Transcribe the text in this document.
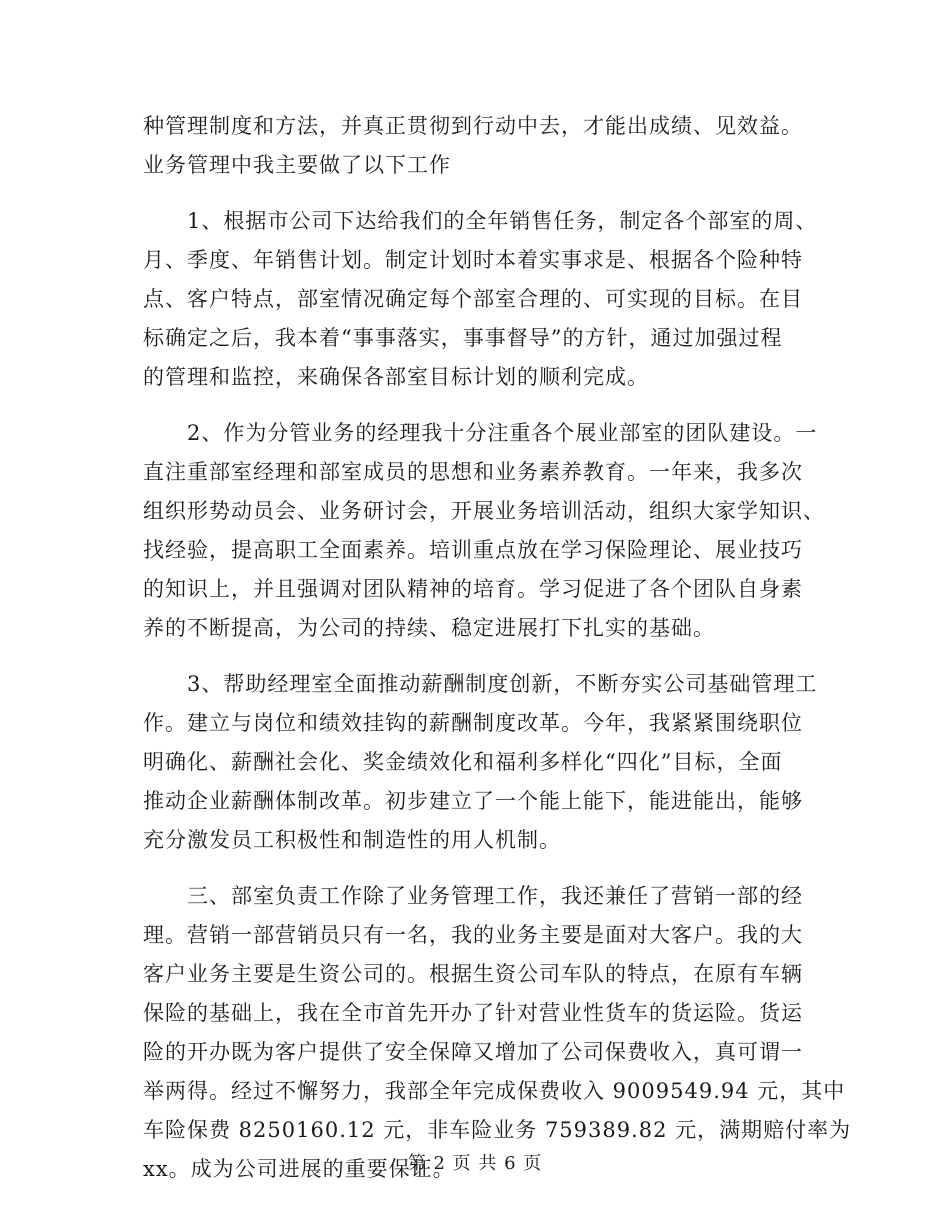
种管理制度和方法，并真正贯彻到行动中去，才能出成绩、见效益。
业务管理中我主要做了以下工作
　　1、根据市公司下达给我们的全年销售任务，制定各个部室的周、
月、季度、年销售计划。制定计划时本着实事求是、根据各个险种特
点、客户特点，部室情况确定每个部室合理的、可实现的目标。在目
标确定之后，我本着“事事落实，事事督导”的方针，通过加强过程
的管理和监控，来确保各部室目标计划的顺利完成。
　　2、作为分管业务的经理我十分注重各个展业部室的团队建设。一
直注重部室经理和部室成员的思想和业务素养教育。一年来，我多次
组织形势动员会、业务研讨会，开展业务培训活动，组织大家学知识、
找经验，提高职工全面素养。培训重点放在学习保险理论、展业技巧
的知识上，并且强调对团队精神的培育。学习促进了各个团队自身素
养的不断提高，为公司的持续、稳定进展打下扎实的基础。
　　3、帮助经理室全面推动薪酬制度创新，不断夯实公司基础管理工
作。建立与岗位和绩效挂钩的薪酬制度改革。今年，我紧紧围绕职位
明确化、薪酬社会化、奖金绩效化和福利多样化“四化”目标，全面
推动企业薪酬体制改革。初步建立了一个能上能下，能进能出，能够
充分激发员工积极性和制造性的用人机制。
　　三、部室负责工作除了业务管理工作，我还兼任了营销一部的经
理。营销一部营销员只有一名，我的业务主要是面对大客户。我的大
客户业务主要是生资公司的。根据生资公司车队的特点，在原有车辆
保险的基础上，我在全市首先开办了针对营业性货车的货运险。货运
险的开办既为客户提供了安全保障又增加了公司保费收入，真可谓一
举两得。经过不懈努力，我部全年完成保费收入 9009549.94 元，其中
车险保费 8250160.12 元，非车险业务 759389.82 元，满期赔付率为
xx。成为公司进展的重要保证。
第 2 页 共 6 页
